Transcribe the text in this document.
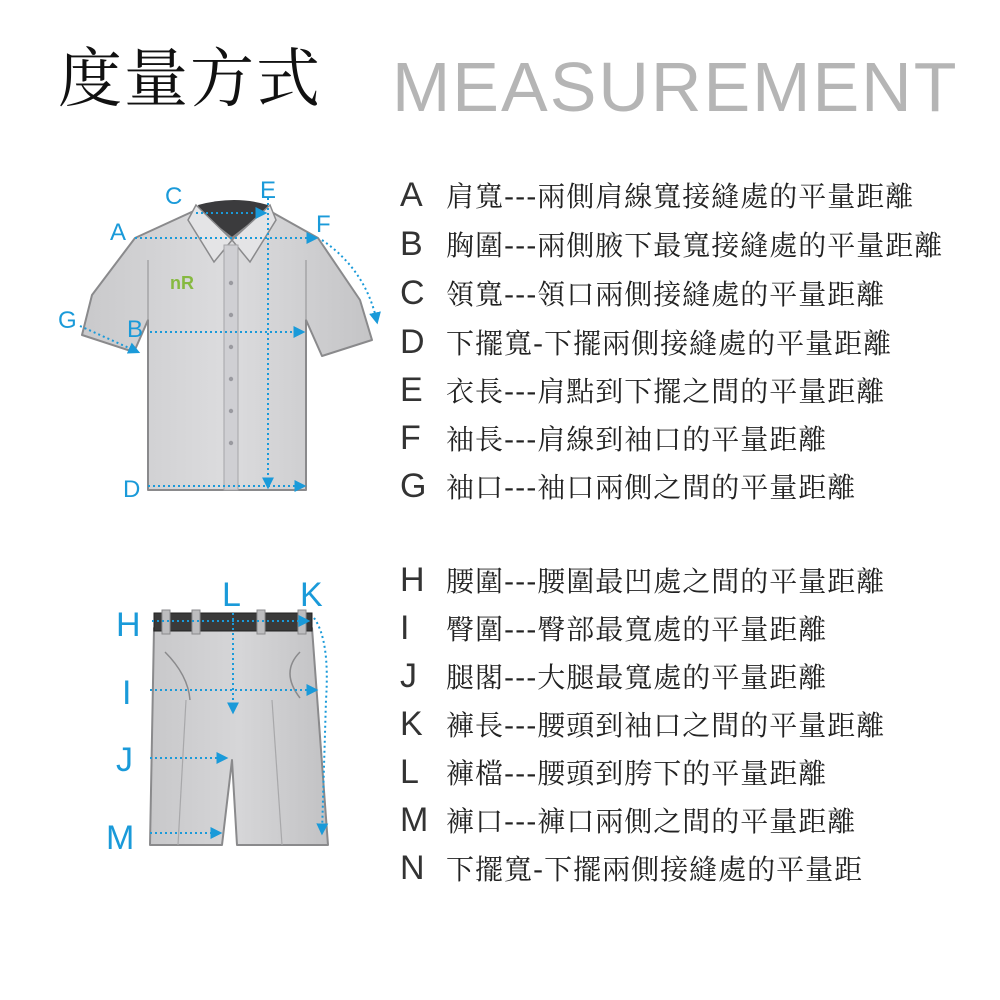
度量方式 MEASUREMENT
nR
C	E
A	F
G B
D
L K
H
I
J
M
A 肩寬---兩側肩線寬接縫處的平量距離
B 胸圍---兩側腋下最寬接縫處的平量距離
C 領寬---領口兩側接縫處的平量距離
D 下擺寬-下擺兩側接縫處的平量距離
E 衣長---肩點到下擺之間的平量距離
F 袖長---肩線到袖口的平量距離
G 袖口---袖口兩側之間的平量距離
H 腰圍---腰圍最凹處之間的平量距離
I	臀圍---臀部最寬處的平量距離
J	腿閣---大腿最寬處的平量距離
K 褲長---腰頭到袖口之間的平量距離
L 褲檔---腰頭到胯下的平量距離
M 褲口---褲口兩側之間的平量距離
N 下擺寬-下擺兩側接縫處的平量距
